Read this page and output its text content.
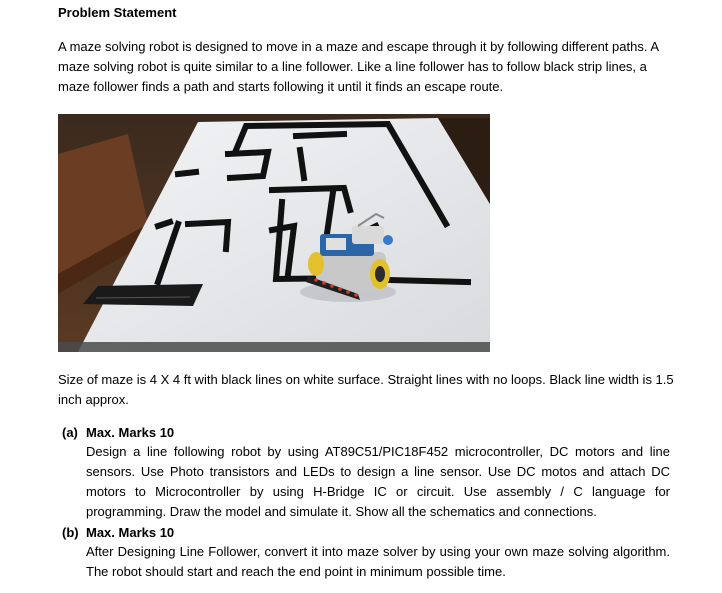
Problem Statement
A maze solving robot is designed to move in a maze and escape through it by following different paths. A maze solving robot is quite similar to a line follower. Like a line follower has to follow black strip lines, a maze follower finds a path and starts following it until it finds an escape route.
Size of maze is 4 X 4 ft with black lines on white surface. Straight lines with no loops. Black line width is 1.5 inch approx.
(a) Max. Marks 10
Design a line following robot by using AT89C51/PIC18F452 microcontroller, DC motors and line sensors. Use Photo transistors and LEDs to design a line sensor. Use DC motos and attach DC motors to Microcontroller by using H-Bridge IC or circuit. Use assembly / C language for programming. Draw the model and simulate it. Show all the schematics and connections.
(b) Max. Marks 10
After Designing Line Follower, convert it into maze solver by using your own maze solving algorithm. The robot should start and reach the end point in minimum possible time.
